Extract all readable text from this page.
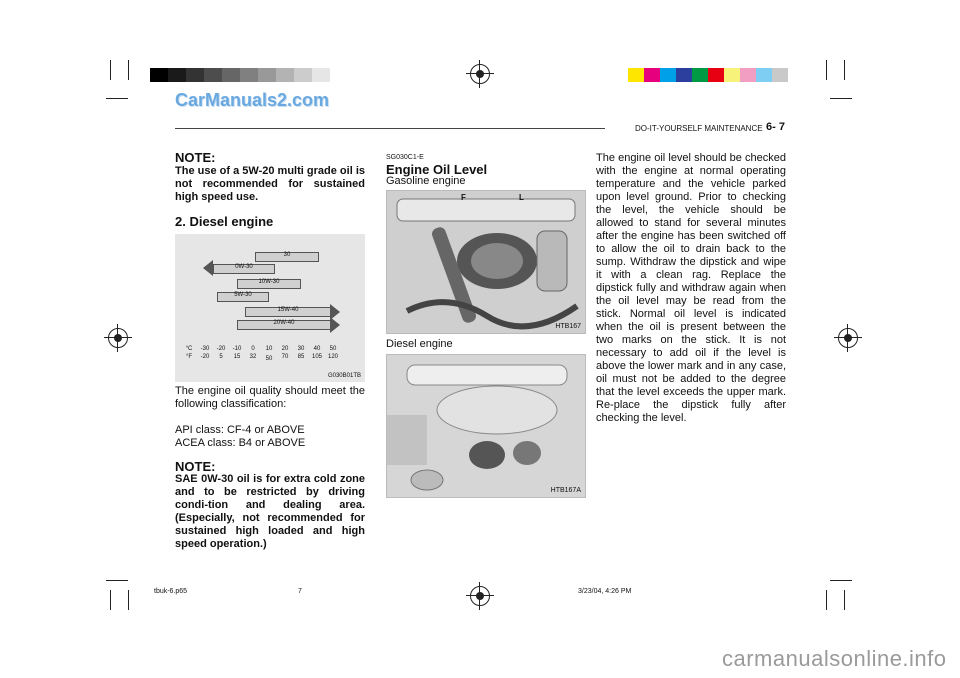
CarManuals2.com
DO-IT-YOURSELF MAINTENANCE 6- 7
NOTE:
The use of a 5W-20 multi grade oil is not recommended for sustained high speed use.
2. Diesel engine
30
0W-30
10W-30
5W-30
15W-40
20W-40
°C
°F
-30	-20	-10	0	10	20	30	40	50
-20	5	15	32	50	70	85	105 120
G030B01TB
The engine oil quality should meet the following classification:
API class: CF-4 or ABOVE
ACEA class: B4 or ABOVE
NOTE:
SAE 0W-30 oil is for extra cold zone and to be restricted by driving condi-tion and dealing area. (Especially, not recommended for sustained high loaded and high speed operation.)
SG030C1-E
Engine Oil Level
Gasoline engine
F	L
HTB167
Diesel engine
HTB167A
The engine oil level should be checked with the engine at normal operating temperature and the vehicle parked upon level ground. Prior to checking the level, the vehicle should be allowed to stand for several minutes after the engine has been switched off to allow the oil to drain back to the sump. Withdraw the dipstick and wipe it with a clean rag. Replace the dipstick fully and withdraw again when the oil level may be read from the stick. Normal oil level is indicated when the oil is present between the two marks on the stick. It is not necessary to add oil if the level is above the lower mark and in any case, oil must not be added to the degree that the level exceeds the upper mark. Re-place the dipstick fully after checking the level.
tbuk-6.p65	7	3/23/04, 4:26 PM
carmanualsonline.info
